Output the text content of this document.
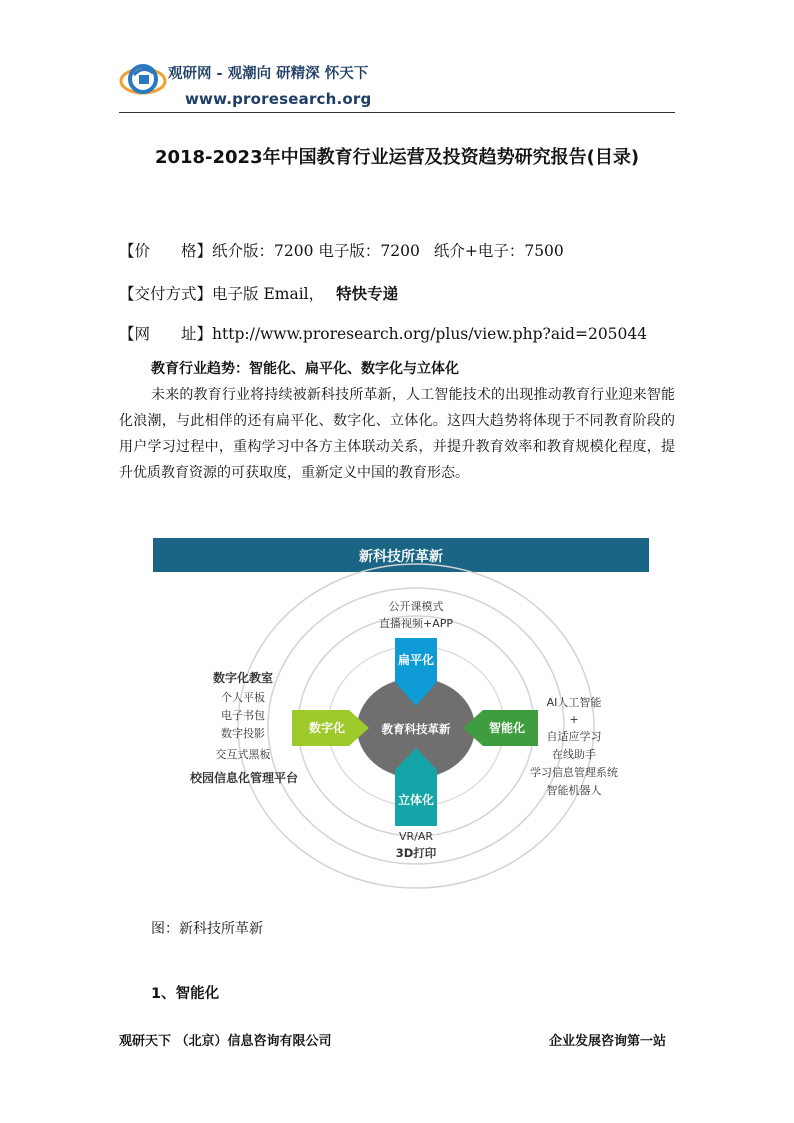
观研网 - 观潮向 研精深 怀天下
www.proresearch.org
2018-2023年中国教育行业运营及投资趋势研究报告(目录)
【价　　格】 纸介版：7200 电子版：7200 纸介+电子：7500
【交付方式】 电子版 Email， 特快专递
【网　　址】 http://www.proresearch.org/plus/view.php?aid=205044
教育行业趋势：智能化、扁平化、数字化与立体化
未来的教育行业将持续被新科技所革新，人工智能技术的出现推动教育行业迎来智能化浪潮，与此相伴的还有扁平化、数字化、立体化。这四大趋势将体现于不同教育阶段的用户学习过程中，重构学习中各方主体联动关系，并提升教育效率和教育规模化程度，提升优质教育资源的可获取度，重新定义中国的教育形态。
新科技所革新
教育科技革新
扁平化
立体化
数字化	智能化
公开课模式
直播视频+APP
数字化教室
个人平板
电子书包
数字投影
交互式黑板
校园信息化管理平台
AI人工智能
+
自适应学习
在线助手
学习信息管理系统
智能机器人
VR/AR
3D打印
图：新科技所革新
1、智能化
观研天下 （北京）信息咨询有限公司	企业发展咨询第一站
